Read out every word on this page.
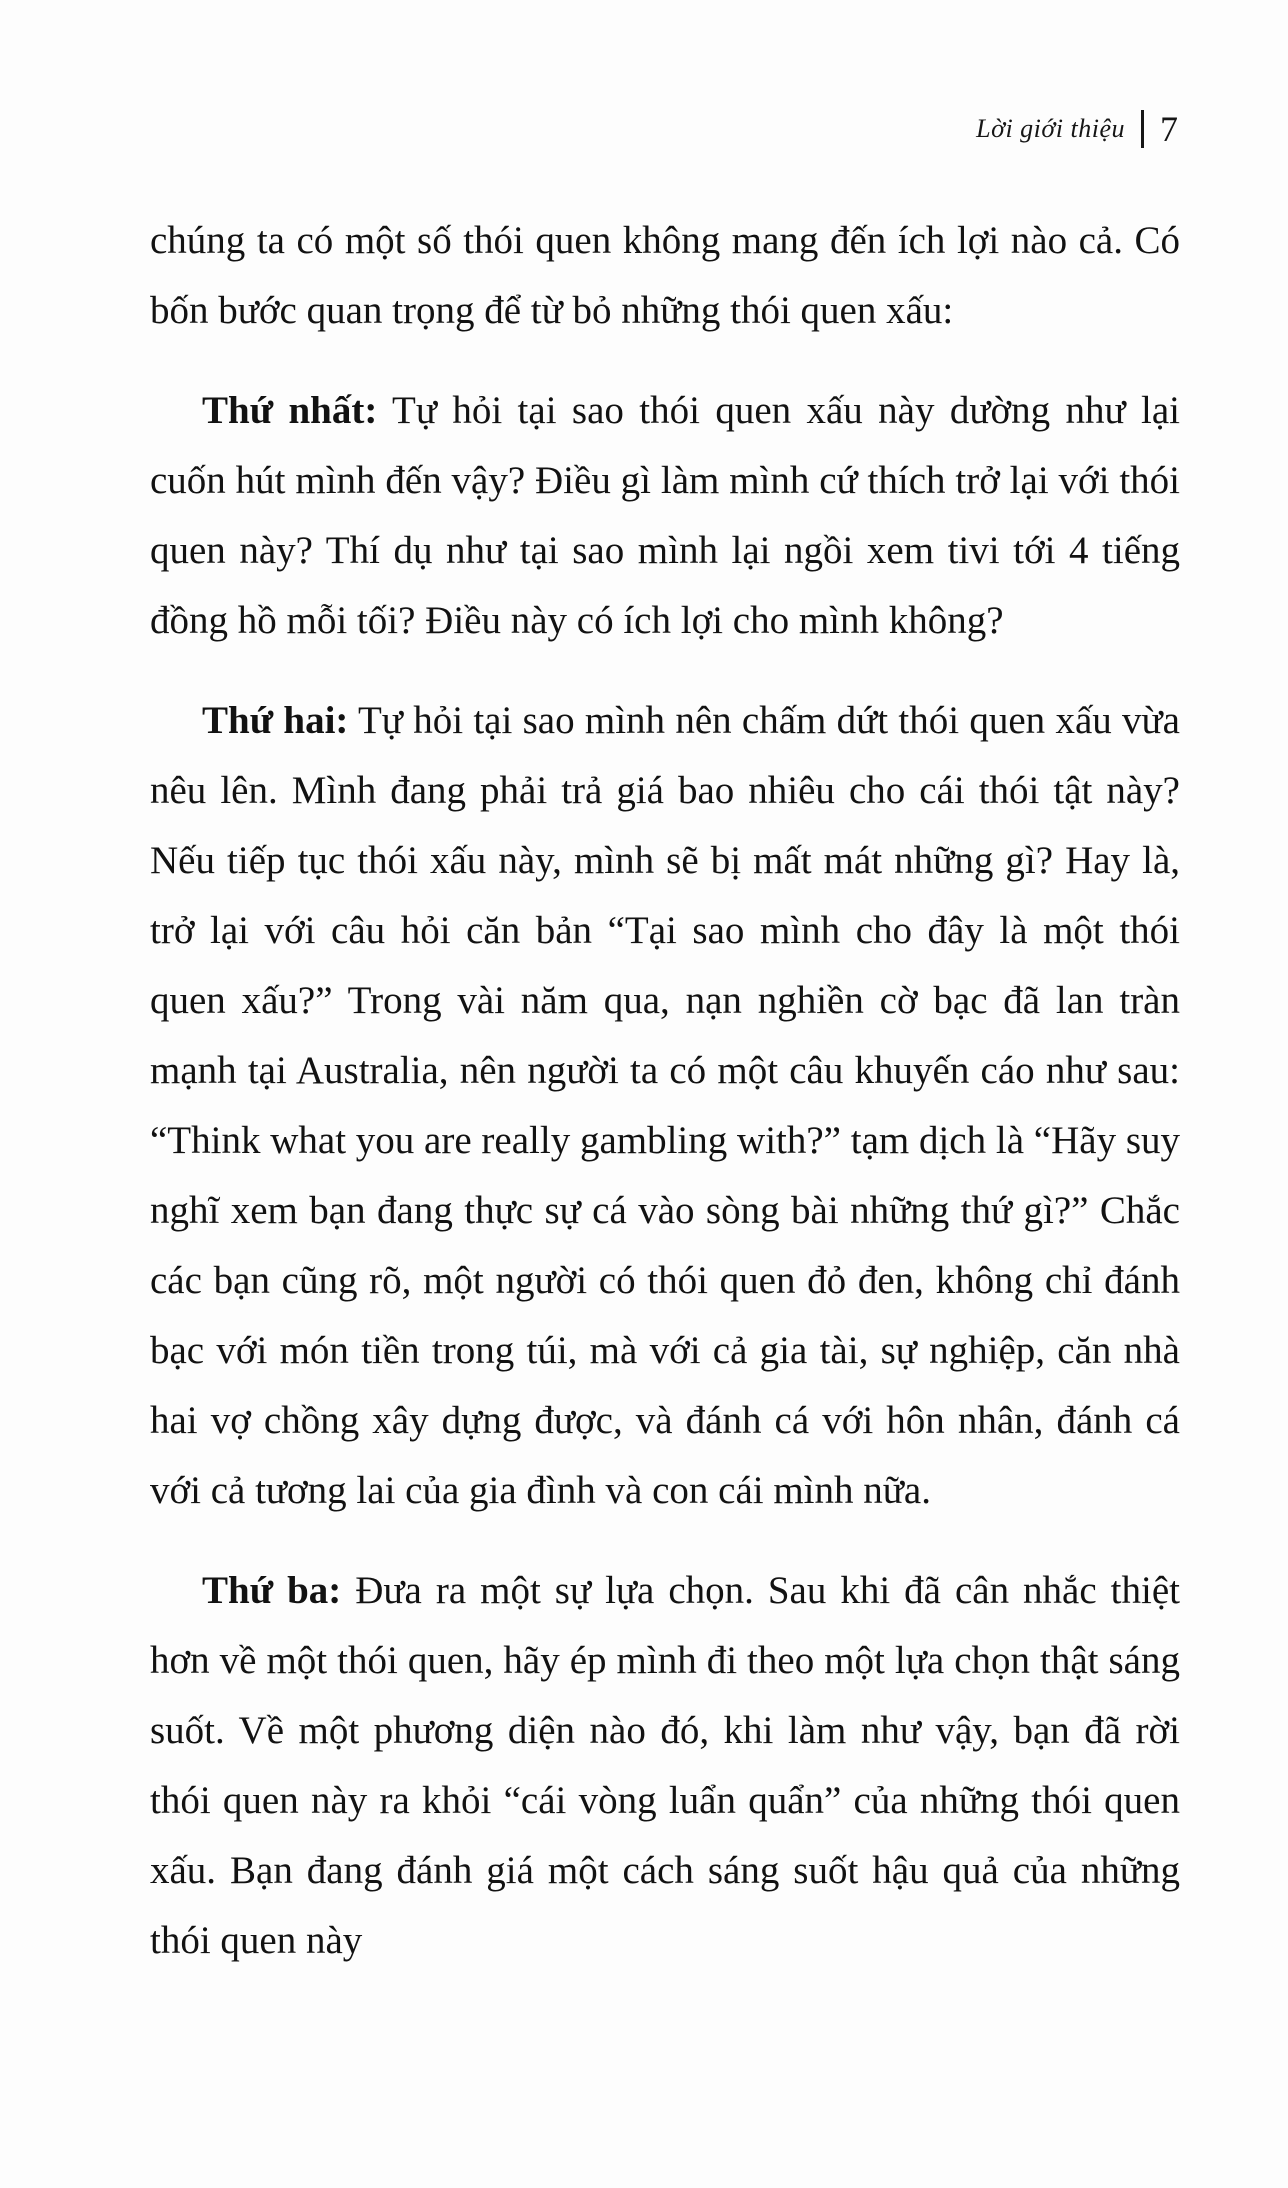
Lời giới thiệu 7

chúng ta có một số thói quen không mang đến ích lợi nào cả. Có bốn bước quan trọng để từ bỏ những thói quen xấu:

Thứ nhất: Tự hỏi tại sao thói quen xấu này dường như lại cuốn hút mình đến vậy? Điều gì làm mình cứ thích trở lại với thói quen này? Thí dụ như tại sao mình lại ngồi xem tivi tới 4 tiếng đồng hồ mỗi tối? Điều này có ích lợi cho mình không?

Thứ hai: Tự hỏi tại sao mình nên chấm dứt thói quen xấu vừa nêu lên. Mình đang phải trả giá bao nhiêu cho cái thói tật này? Nếu tiếp tục thói xấu này, mình sẽ bị mất mát những gì? Hay là, trở lại với câu hỏi căn bản “Tại sao mình cho đây là một thói quen xấu?” Trong vài năm qua, nạn nghiền cờ bạc đã lan tràn mạnh tại Australia, nên người ta có một câu khuyến cáo như sau: “Think what you are really gambling with?” tạm dịch là “Hãy suy nghĩ xem bạn đang thực sự cá vào sòng bài những thứ gì?” Chắc các bạn cũng rõ, một người có thói quen đỏ đen, không chỉ đánh bạc với món tiền trong túi, mà với cả gia tài, sự nghiệp, căn nhà hai vợ chồng xây dựng được, và đánh cá với hôn nhân, đánh cá với cả tương lai của gia đình và con cái mình nữa.

Thứ ba: Đưa ra một sự lựa chọn. Sau khi đã cân nhắc thiệt hơn về một thói quen, hãy ép mình đi theo một lựa chọn thật sáng suốt. Về một phương diện nào đó, khi làm như vậy, bạn đã rời thói quen này ra khỏi “cái vòng luẩn quẩn” của những thói quen xấu. Bạn đang đánh giá một cách sáng suốt hậu quả của những thói quen này
